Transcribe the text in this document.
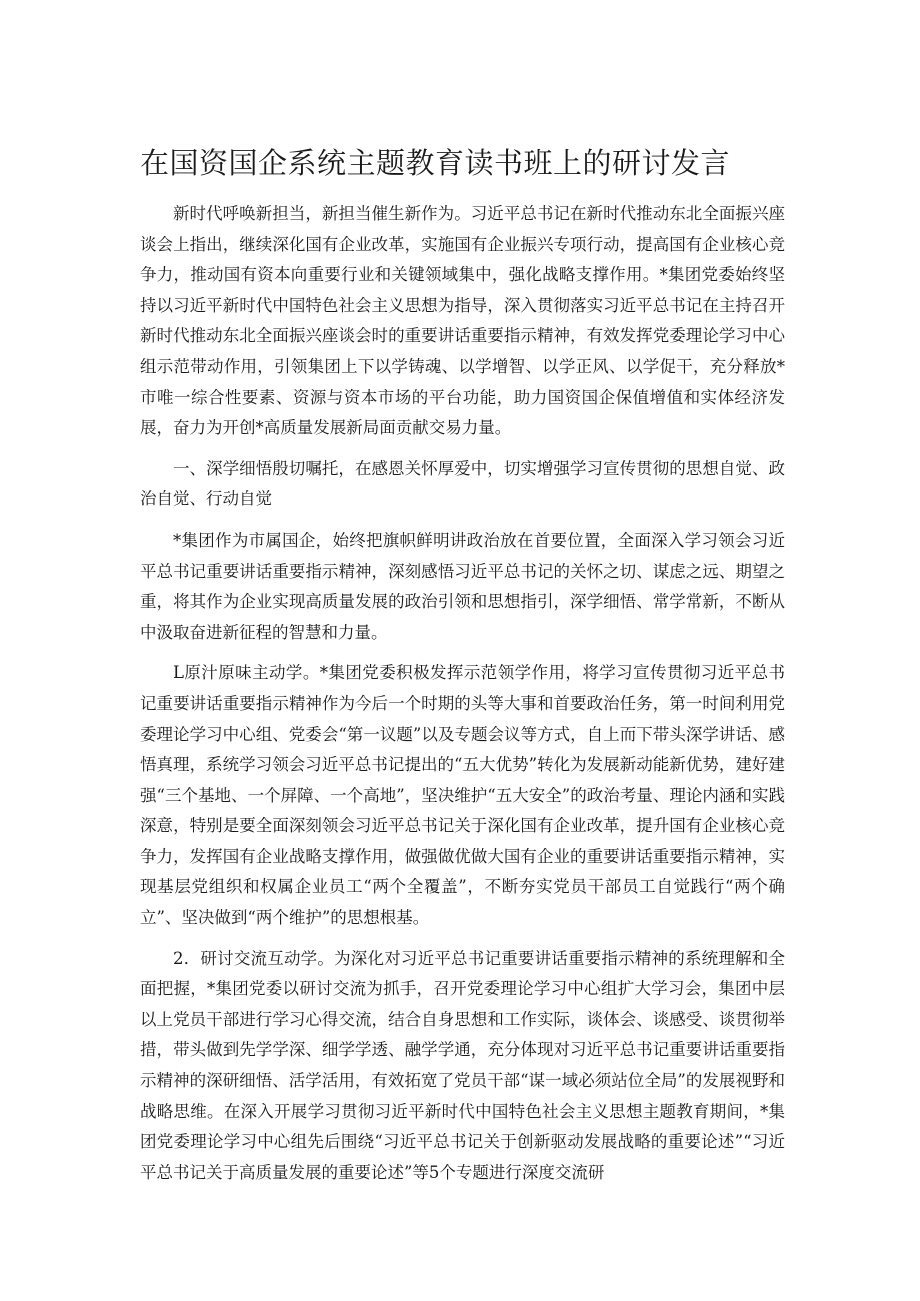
在国资国企系统主题教育读书班上的研讨发言

新时代呼唤新担当，新担当催生新作为。习近平总书记在新时代推动东北全面振兴座谈会上指出，继续深化国有企业改革，实施国有企业振兴专项行动，提高国有企业核心竞争力，推动国有资本向重要行业和关键领域集中，强化战略支撑作用。*集团党委始终坚持以习近平新时代中国特色社会主义思想为指导，深入贯彻落实习近平总书记在主持召开新时代推动东北全面振兴座谈会时的重要讲话重要指示精神，有效发挥党委理论学习中心组示范带动作用，引领集团上下以学铸魂、以学增智、以学正风、以学促干，充分释放*市唯一综合性要素、资源与资本市场的平台功能，助力国资国企保值增值和实体经济发展，奋力为开创*高质量发展新局面贡献交易力量。

一、深学细悟殷切嘱托，在感恩关怀厚爱中，切实增强学习宣传贯彻的思想自觉、政治自觉、行动自觉

*集团作为市属国企，始终把旗帜鲜明讲政治放在首要位置，全面深入学习领会习近平总书记重要讲话重要指示精神，深刻感悟习近平总书记的关怀之切、谋虑之远、期望之重，将其作为企业实现高质量发展的政治引领和思想指引，深学细悟、常学常新，不断从中汲取奋进新征程的智慧和力量。

L原汁原味主动学。*集团党委积极发挥示范领学作用，将学习宣传贯彻习近平总书记重要讲话重要指示精神作为今后一个时期的头等大事和首要政治任务，第一时间利用党委理论学习中心组、党委会“第一议题”以及专题会议等方式，自上而下带头深学讲话、感悟真理，系统学习领会习近平总书记提出的“五大优势”转化为发展新动能新优势，建好建强“三个基地、一个屏障、一个高地”，坚决维护“五大安全”的政治考量、理论内涵和实践深意，特别是要全面深刻领会习近平总书记关于深化国有企业改革，提升国有企业核心竞争力，发挥国有企业战略支撑作用，做强做优做大国有企业的重要讲话重要指示精神，实现基层党组织和权属企业员工“两个全覆盖”，不断夯实党员干部员工自觉践行“两个确立”、坚决做到“两个维护”的思想根基。

2．研讨交流互动学。为深化对习近平总书记重要讲话重要指示精神的系统理解和全面把握，*集团党委以研讨交流为抓手，召开党委理论学习中心组扩大学习会，集团中层以上党员干部进行学习心得交流，结合自身思想和工作实际，谈体会、谈感受、谈贯彻举措，带头做到先学学深、细学学透、融学学通，充分体现对习近平总书记重要讲话重要指示精神的深研细悟、活学活用，有效拓宽了党员干部“谋一域必须站位全局”的发展视野和战略思维。在深入开展学习贯彻习近平新时代中国特色社会主义思想主题教育期间，*集团党委理论学习中心组先后围绕“习近平总书记关于创新驱动发展战略的重要论述”“习近平总书记关于高质量发展的重要论述”等5个专题进行深度交流研
